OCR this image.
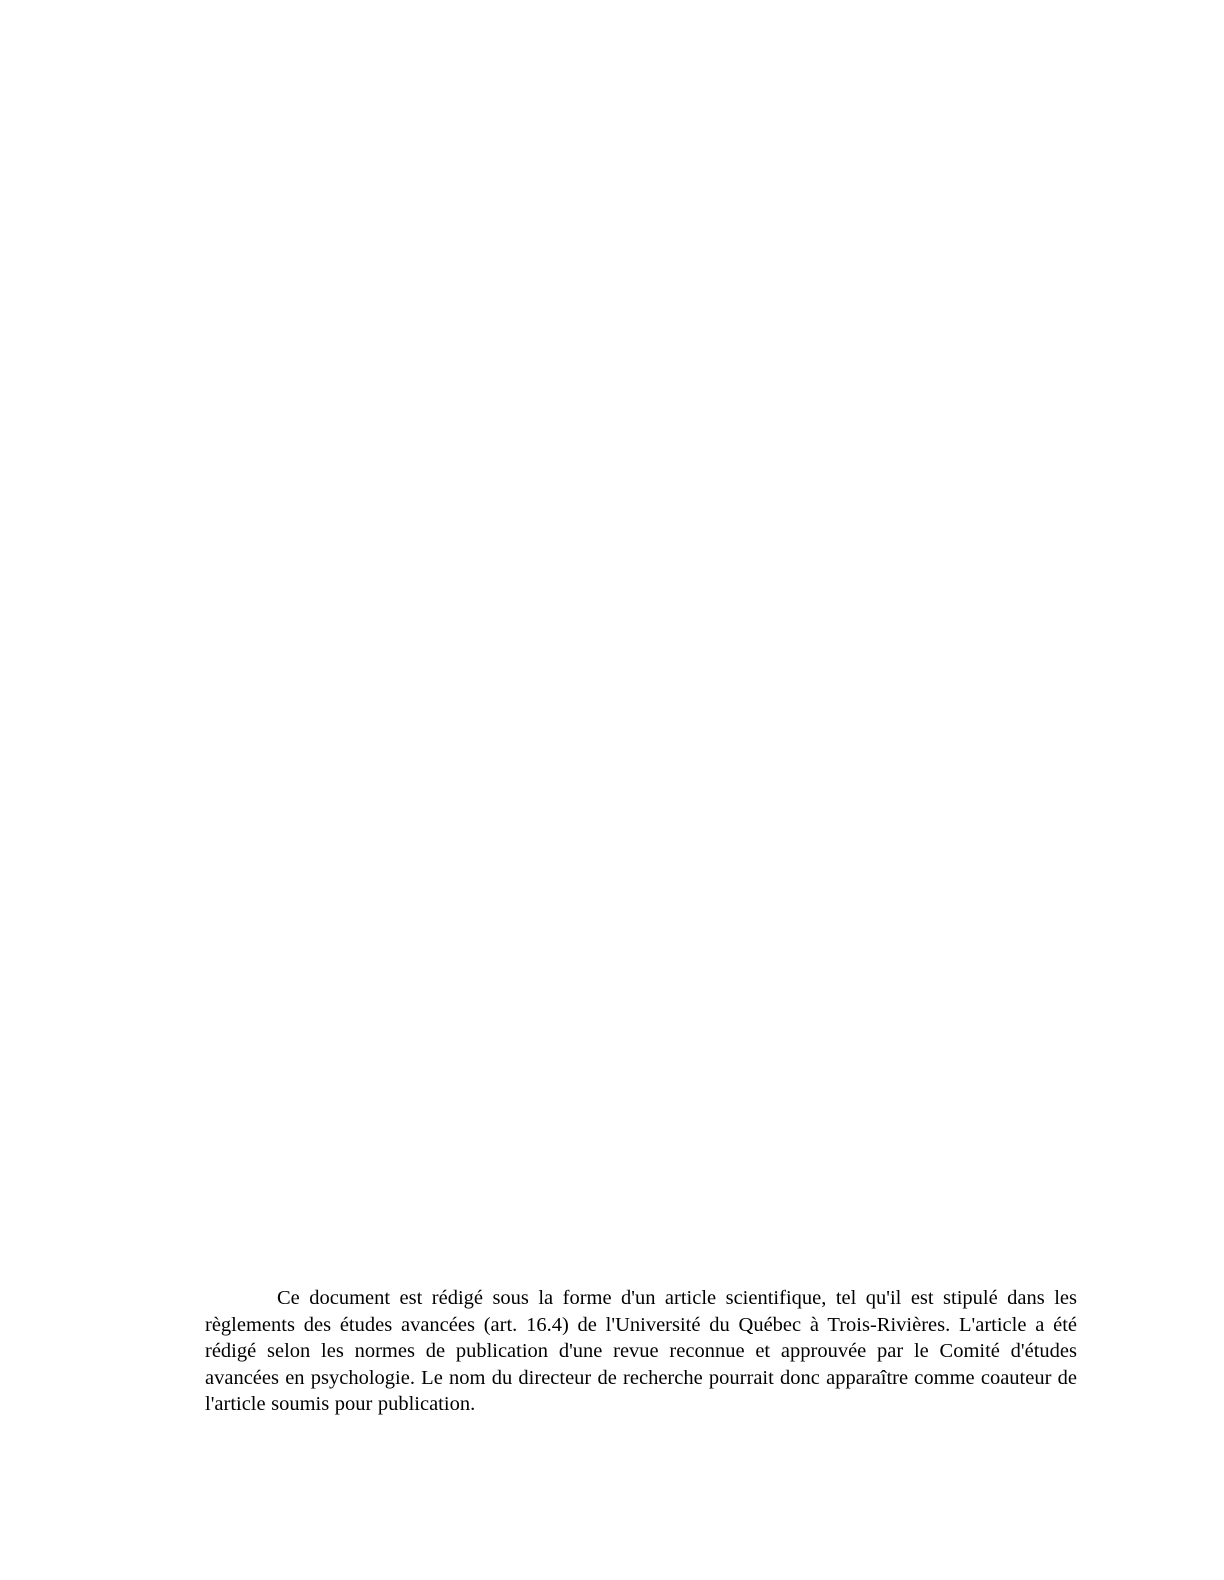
Ce document est rédigé sous la forme d'un article scientifique, tel qu'il est stipulé dans les règlements des études avancées (art. 16.4) de l'Université du Québec à Trois-Rivières. L'article a été rédigé selon les normes de publication d'une revue reconnue et approuvée par le Comité d'études avancées en psychologie. Le nom du directeur de recherche pourrait donc apparaître comme coauteur de l'article soumis pour publication.
